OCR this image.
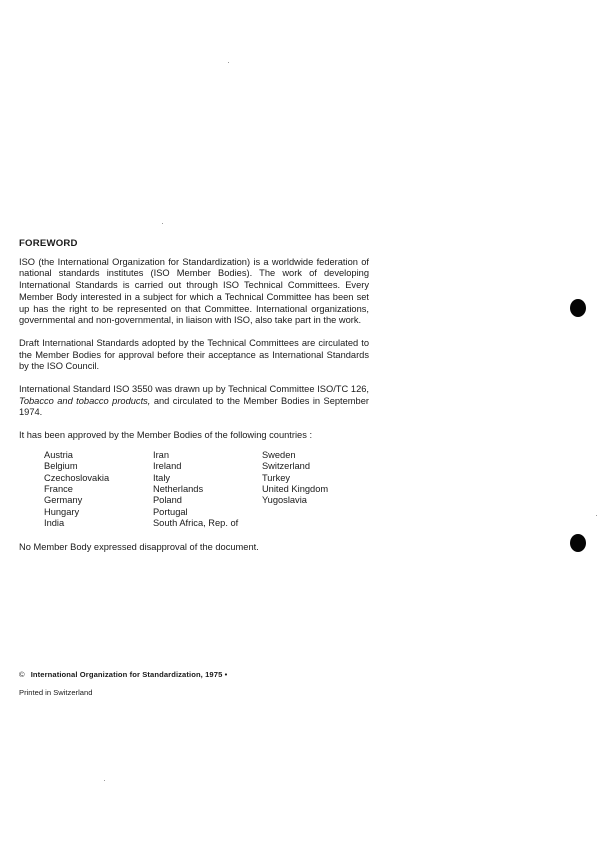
FOREWORD

ISO (the International Organization for Standardization) is a worldwide federation of national standards institutes (ISO Member Bodies). The work of developing International Standards is carried out through ISO Technical Committees. Every Member Body interested in a subject for which a Technical Committee has been set up has the right to be represented on that Committee. International organizations, governmental and non-governmental, in liaison with ISO, also take part in the work.

Draft International Standards adopted by the Technical Committees are circulated to the Member Bodies for approval before their acceptance as International Standards by the ISO Council.

International Standard ISO 3550 was drawn up by Technical Committee ISO/TC 126, Tobacco and tobacco products, and circulated to the Member Bodies in September 1974.

It has been approved by the Member Bodies of the following countries :

Austria
Belgium
Czechoslovakia
France
Germany
Hungary
India
Iran
Ireland
Italy
Netherlands
Poland
Portugal
South Africa, Rep. of
Sweden
Switzerland
Turkey
United Kingdom
Yugoslavia

No Member Body expressed disapproval of the document.

© International Organization for Standardization, 1975 •
Printed in Switzerland
